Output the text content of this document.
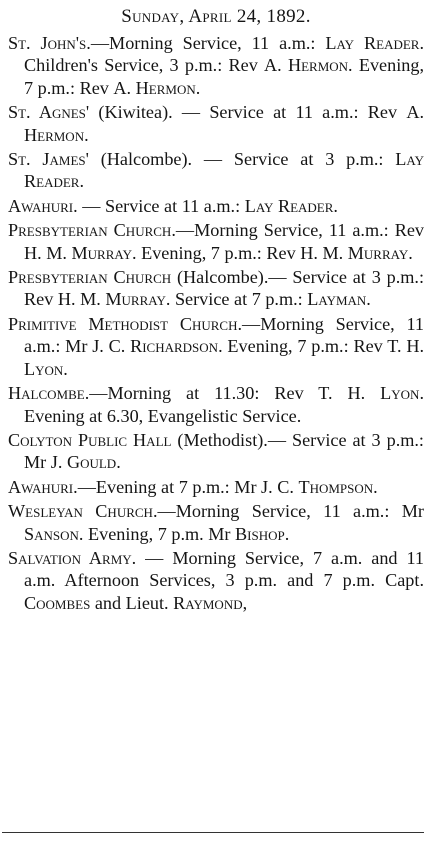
Sunday, April 24, 1892.

St. John's.—Morning Service, 11 a.m.: Lay Reader. Children's Service, 3 p.m.: Rev A. Hermon. Evening, 7 p.m.: Rev A. Hermon.

St. Agnes' (Kiwitea). — Service at 11 a.m.: Rev A. Hermon.

St. James' (Halcombe). — Service at 3 p.m.: Lay Reader.

Awahuri. — Service at 11 a.m.: Lay Reader.

Presbyterian Church.—Morning Service, 11 a.m.: Rev H. M. Murray. Evening, 7 p.m.: Rev H. M. Murray.

Presbyterian Church (Halcombe).— Service at 3 p.m.: Rev H. M. Murray. Service at 7 p.m.: Layman.

Primitive Methodist Church.—Morning Service, 11 a.m.: Mr J. C. Richardson. Evening, 7 p.m.: Rev T. H. Lyon.

Halcombe.—Morning at 11.30: Rev T. H. Lyon. Evening at 6.30, Evangelistic Service.

Colyton Public Hall (Methodist).— Service at 3 p.m.: Mr J. Gould.

Awahuri.—Evening at 7 p.m.: Mr J. C. Thompson.

Wesleyan Church.—Morning Service, 11 a.m.: Mr Sanson. Evening, 7 p.m. Mr Bishop.

Salvation Army. — Morning Service, 7 a.m. and 11 a.m. Afternoon Services, 3 p.m. and 7 p.m. Capt. Coombes and Lieut. Raymond,
